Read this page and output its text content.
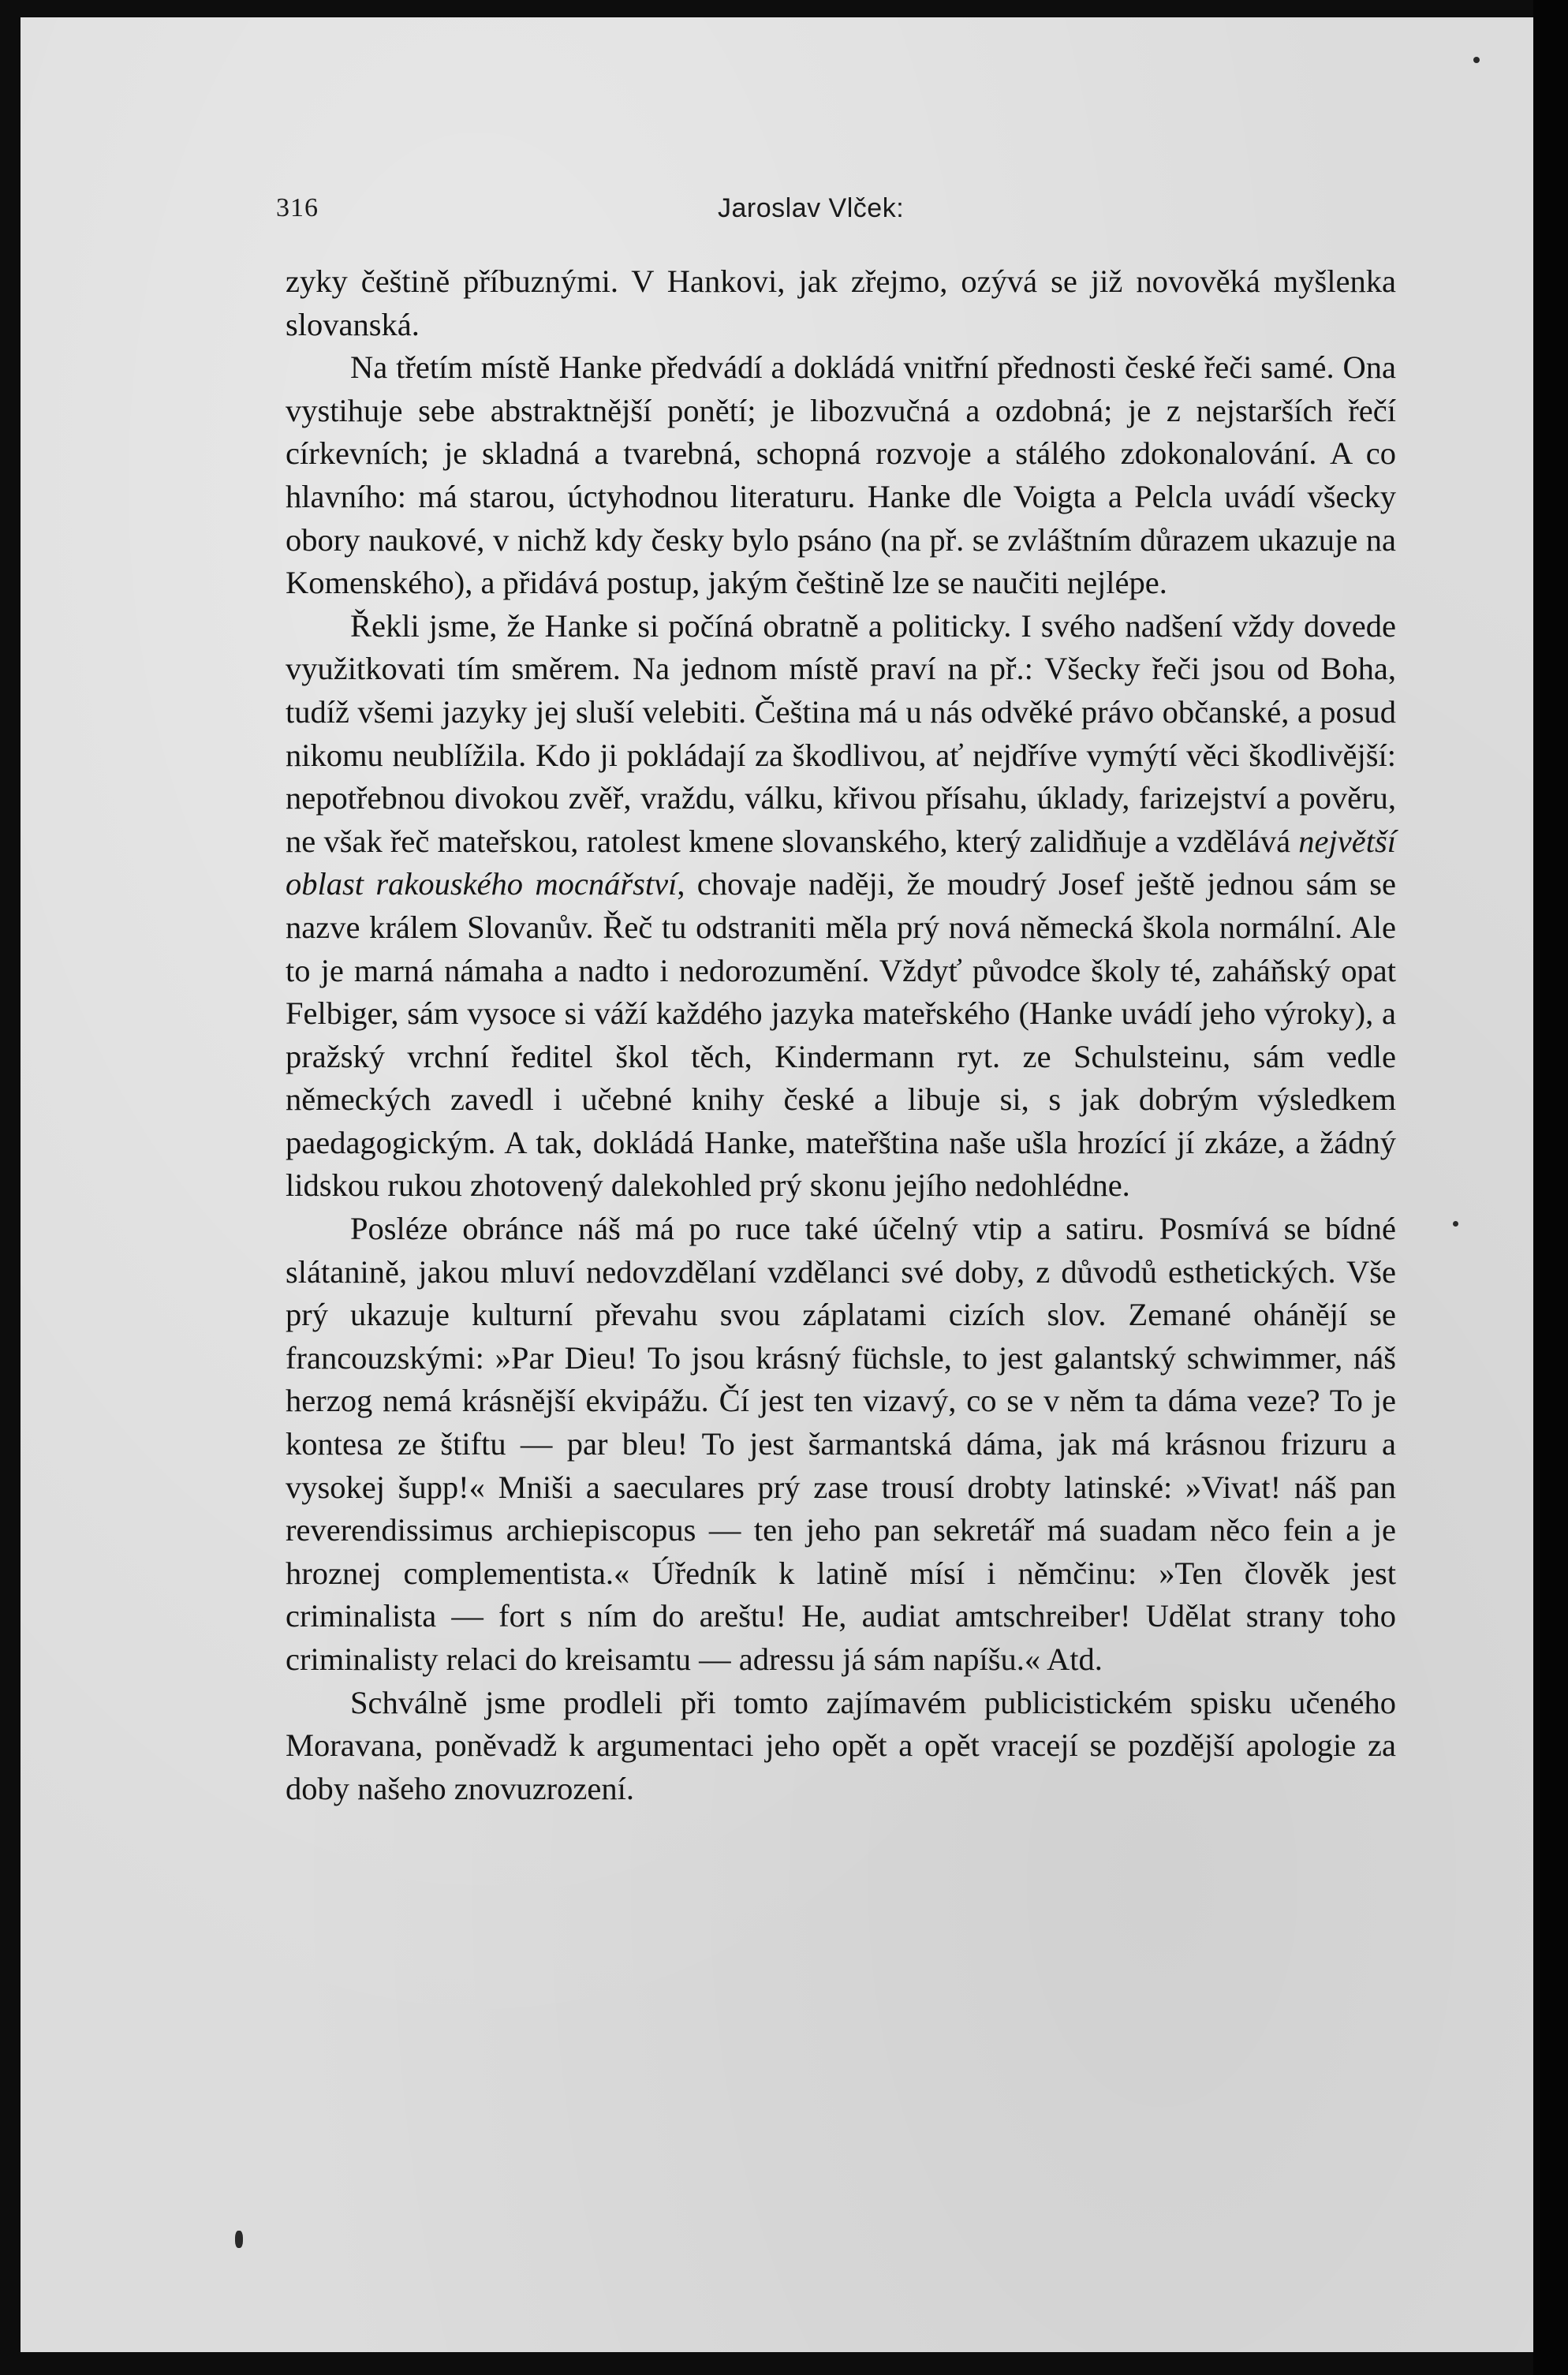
316	Jaroslav Vlček:

zyky češtině příbuznými. V Hankovi, jak zřejmo, ozývá se již novověká myšlenka slovanská.

Na třetím místě Hanke předvádí a dokládá vnitřní přednosti české řeči samé. Ona vystihuje sebe abstraktnější ponětí; je libozvučná a ozdobná; je z nejstarších řečí církevních; je skladná a tvarebná, schopná rozvoje a stálého zdokonalování. A co hlavního: má starou, úctyhodnou literaturu. Hanke dle Voigta a Pelcla uvádí všecky obory naukové, v nichž kdy česky bylo psáno (na př. se zvláštním důrazem ukazuje na Komenského), a přidává postup, jakým češtině lze se naučiti nejlépe.

Řekli jsme, že Hanke si počíná obratně a politicky. I svého nadšení vždy dovede využitkovati tím směrem. Na jednom místě praví na př.: Všecky řeči jsou od Boha, tudíž všemi jazyky jej sluší velebiti. Čeština má u nás odvěké právo občanské, a posud nikomu neublížila. Kdo ji pokládají za škodlivou, ať nejdříve vymýtí věci škodlivější: nepotřebnou divokou zvěř, vraždu, válku, křivou přísahu, úklady, farizejství a pověru, ne však řeč mateřskou, ratolest kmene slovanského, který zalidňuje a vzdělává největší oblast rakouského mocnářství, chovaje naději, že moudrý Josef ještě jednou sám se nazve králem Slovanův. Řeč tu odstraniti měla prý nová německá škola normální. Ale to je marná námaha a nadto i nedorozumění. Vždyť původce školy té, zaháňský opat Felbiger, sám vysoce si váží každého jazyka mateřského (Hanke uvádí jeho výroky), a pražský vrchní ředitel škol těch, Kindermann ryt. ze Schulsteinu, sám vedle německých zavedl i učebné knihy české a libuje si, s jak dobrým výsledkem paedagogickým. A tak, dokládá Hanke, mateřština naše ušla hrozící jí zkáze, a žádný lidskou rukou zhotovený dalekohled prý skonu jejího nedohlédne.

Posléze obránce náš má po ruce také účelný vtip a satiru. Posmívá se bídné slátanině, jakou mluví nedovzdělaní vzdělanci své doby, z důvodů esthetických. Vše prý ukazuje kulturní převahu svou záplatami cizích slov. Zemané ohánějí se francouzskými: »Par Dieu! To jsou krásný füchsle, to jest galantský schwimmer, náš herzog nemá krásnější ekvipážu. Čí jest ten vizavý, co se v něm ta dáma veze? To je kontesa ze štiftu — par bleu! To jest šarmantská dáma, jak má krásnou frizuru a vysokej šupp!« Mniši a saeculares prý zase trousí drobty latinské: »Vivat! náš pan reverendissimus archiepiscopus — ten jeho pan sekretář má suadam něco fein a je hroznej complementista.« Úředník k latině mísí i němčinu: »Ten člověk jest criminalista — fort s ním do areštu! He, audiat amtschreiber! Udělat strany toho criminalisty relaci do kreisamtu — adressu já sám napíšu.« Atd.

Schválně jsme prodleli při tomto zajímavém publicistickém spisku učeného Moravana, poněvadž k argumentaci jeho opět a opět vracejí se pozdější apologie za doby našeho znovuzrození.
